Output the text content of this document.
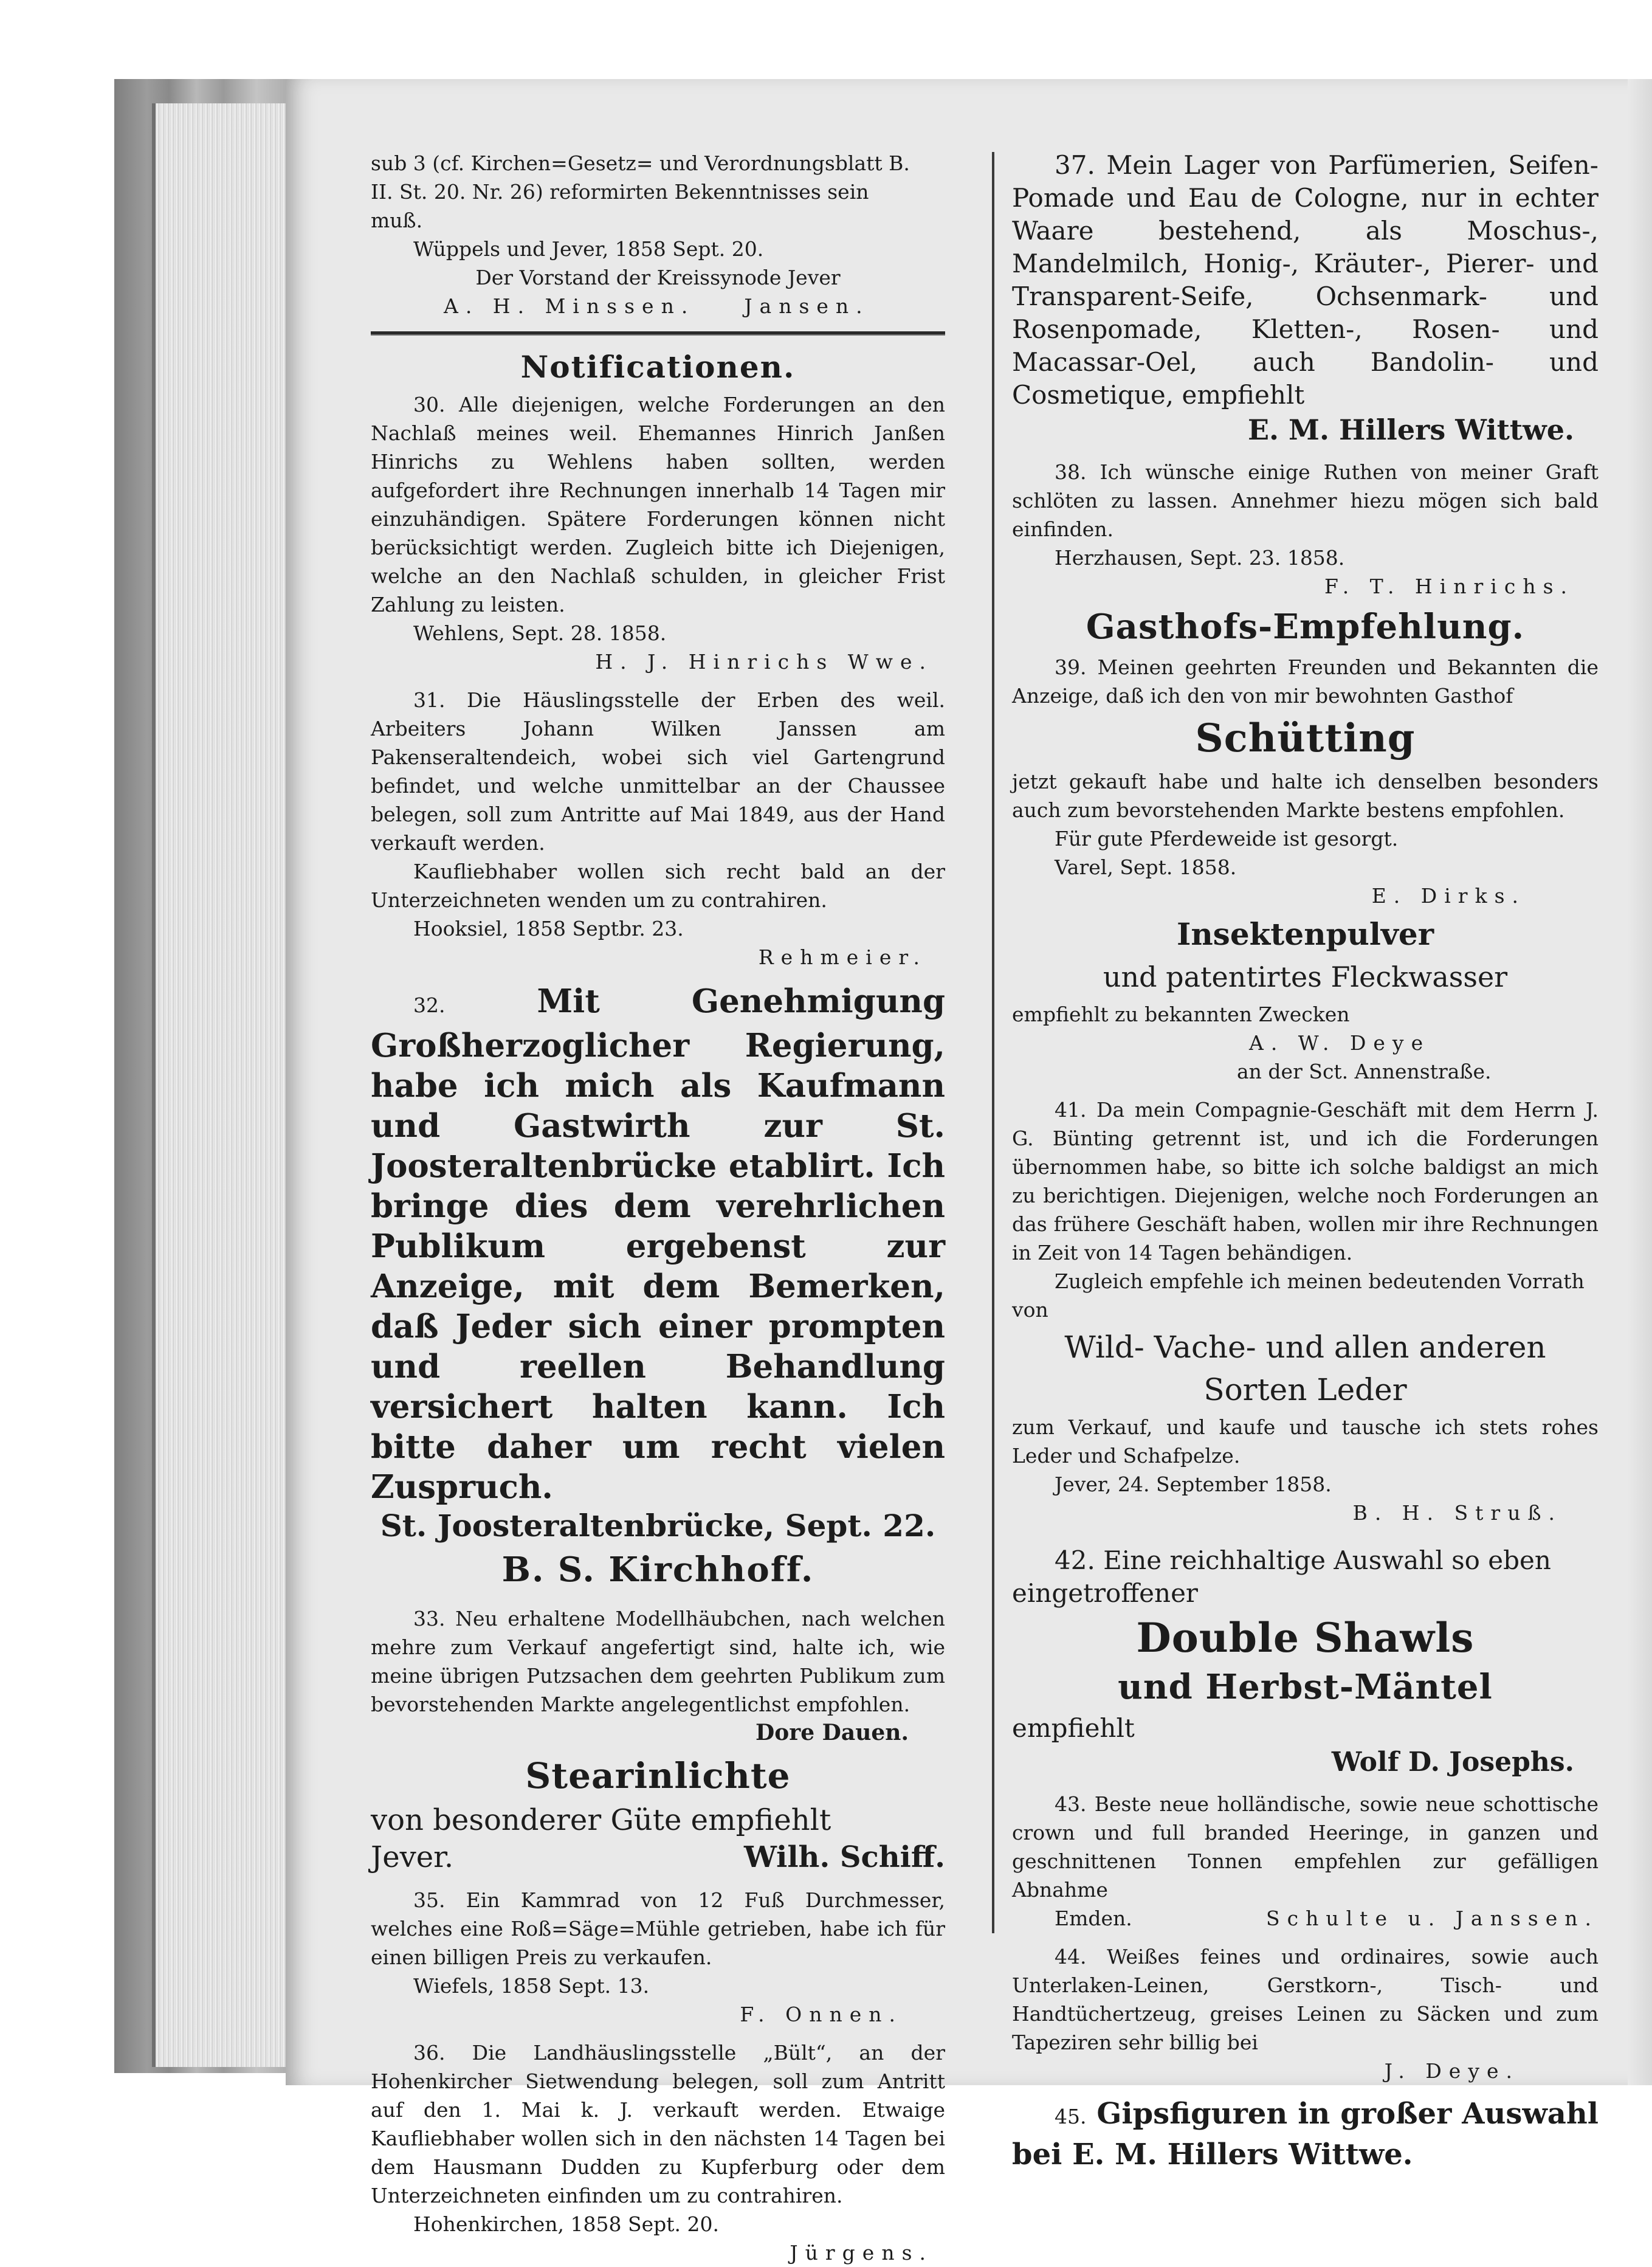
sub 3 (cf. Kirchen=Gesetz= und Verordnungsblatt B.

II. St. 20. Nr. 26) reformirten Bekenntnisses sein

muß.

Wüppels und Jever, 1858 Sept. 20.

Der Vorstand der Kreissynode Jever

A. H. Minssen. Jansen.

Notificationen.

30. Alle diejenigen, welche Forderungen an den Nachlaß meines weil. Ehemannes Hinrich Janßen Hinrichs zu Wehlens haben sollten, werden aufgefordert ihre Rechnungen innerhalb 14 Tagen mir einzuhändigen. Spätere Forderungen können nicht berücksichtigt werden. Zugleich bitte ich Diejenigen, welche an den Nachlaß schulden, in gleicher Frist Zahlung zu leisten.

Wehlens, Sept. 28. 1858.

H. J. Hinrichs Wwe.

31. Die Häuslingsstelle der Erben des weil. Arbeiters Johann Wilken Janssen am Pakenseraltendeich, wobei sich viel Gartengrund befindet, und welche unmittelbar an der Chaussee belegen, soll zum Antritte auf Mai 1849, aus der Hand verkauft werden.

Kaufliebhaber wollen sich recht bald an der Unterzeichneten wenden um zu contrahiren.

Hooksiel, 1858 Septbr. 23.

Rehmeier.

32.	Mit Genehmigung Großherzoglicher Regierung, habe ich mich als Kaufmann und Gastwirth zur St. Joosteraltenbrücke etablirt. Ich bringe dies dem verehrlichen Publikum ergebenst zur Anzeige, mit dem Bemerken, daß Jeder sich einer prompten und reellen Behandlung versichert halten kann. Ich bitte daher um recht vielen Zuspruch.

St. Joosteraltenbrücke, Sept. 22.

B. S. Kirchhoff.

33. Neu erhaltene Modellhäubchen, nach welchen mehre zum Verkauf angefertigt sind, halte ich, wie meine übrigen Putzsachen dem geehrten Publikum zum bevorstehenden Markte angelegentlichst empfohlen.

Dore Dauen.

Stearinlichte

von besonderer Güte empfiehlt

Jever.	Wilh. Schiff.

35. Ein Kammrad von 12 Fuß Durchmesser, welches eine Roß=Säge=Mühle getrieben, habe ich für einen billigen Preis zu verkaufen.

Wiefels, 1858 Sept. 13.

F. Onnen.

36. Die Landhäuslingsstelle „Bült“, an der Hohenkircher Sietwendung belegen, soll zum Antritt auf den 1. Mai k. J. verkauft werden. Etwaige Kaufliebhaber wollen sich in den nächsten 14 Tagen bei dem Hausmann Dudden zu Kupferburg oder dem Unterzeichneten einfinden um zu contrahiren.

Hohenkirchen, 1858 Sept. 20.

Jürgens.

37. Mein Lager von Parfümerien, Seifen-Pomade und Eau de Cologne, nur in echter Waare bestehend, als Moschus-, Mandelmilch, Honig-, Kräuter-, Pierer- und Transparent-Seife, Ochsenmark- und Rosenpomade, Kletten-, Rosen- und Macassar-Oel, auch Bandolin- und Cosmetique, empfiehlt

E. M. Hillers Wittwe.

38. Ich wünsche einige Ruthen von meiner Graft schlöten zu lassen. Annehmer hiezu mögen sich bald einfinden.

Herzhausen, Sept. 23. 1858.

F. T. Hinrichs.

Gasthofs-Empfehlung.

39. Meinen geehrten Freunden und Bekannten die Anzeige, daß ich den von mir bewohnten Gasthof

Schütting

jetzt gekauft habe und halte ich denselben besonders auch zum bevorstehenden Markte bestens empfohlen.

Für gute Pferdeweide ist gesorgt.

Varel, Sept. 1858.

E. Dirks.

Insektenpulver

und patentirtes Fleckwasser

empfiehlt zu bekannten Zwecken

A. W. Deye

an der Sct. Annenstraße.

41. Da mein Compagnie-Geschäft mit dem Herrn J. G. Bünting getrennt ist, und ich die Forderungen übernommen habe, so bitte ich solche baldigst an mich zu berichtigen. Diejenigen, welche noch Forderungen an das frühere Geschäft haben, wollen mir ihre Rechnungen in Zeit von 14 Tagen behändigen.

Zugleich empfehle ich meinen bedeutenden Vorrath

von

Wild- Vache- und allen anderen

Sorten Leder

zum Verkauf, und kaufe und tausche ich stets rohes Leder und Schafpelze.

Jever, 24. September 1858.

B. H. Struß.

42. Eine reichhaltige Auswahl so eben

eingetroffener

Double Shawls

und Herbst-Mäntel

empfiehlt

Wolf D. Josephs.

43. Beste neue holländische, sowie neue schottische crown und full branded Heeringe, in ganzen und geschnittenen Tonnen empfehlen zur gefälligen Abnahme

Emden.	Schulte u. Janssen.

44. Weißes feines und ordinaires, sowie auch Unterlaken-Leinen, Gerstkorn-, Tisch- und Handtüchertzeug, greises Leinen zu Säcken und zum Tapeziren sehr billig bei

J. Deye.

45. Gipsfiguren in großer Auswahl bei E. M. Hillers Wittwe.
